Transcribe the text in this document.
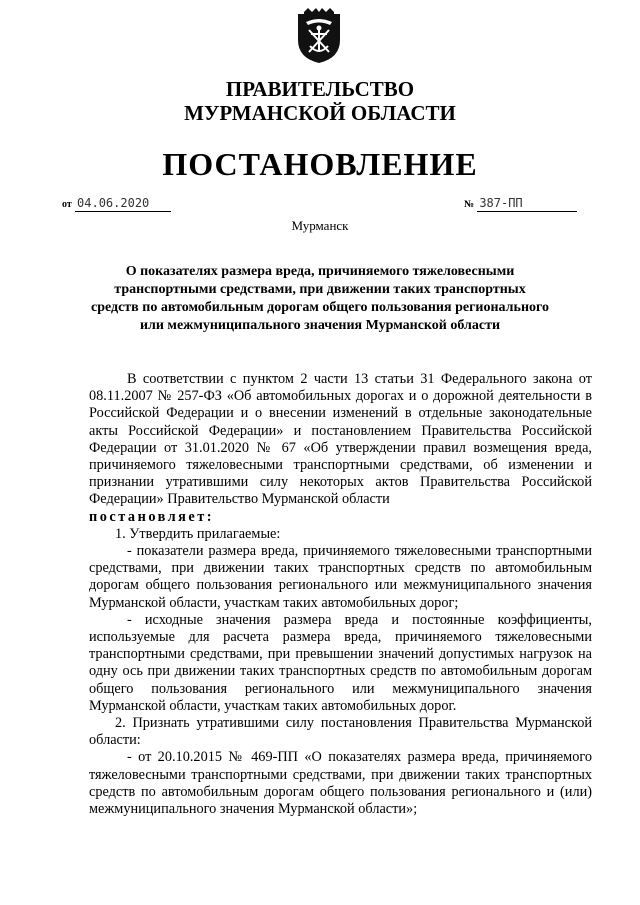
ПРАВИТЕЛЬСТВО
МУРМАНСКОЙ ОБЛАСТИ
ПОСТАНОВЛЕНИЕ
от 04.06.2020	№ 387-ПП
Мурманск
О показателях размера вреда, причиняемого тяжеловесными транспортными средствами, при движении таких транспортных средств по автомобильным дорогам общего пользования регионального или межмуниципального значения Мурманской области

В соответствии с пунктом 2 части 13 статьи 31 Федерального закона от 08.11.2007 № 257-ФЗ «Об автомобильных дорогах и о дорожной деятельности в Российской Федерации и о внесении изменений в отдельные законодательные акты Российской Федерации» и постановлением Правительства Российской Федерации от 31.01.2020 № 67 «Об утверждении правил возмещения вреда, причиняемого тяжеловесными транспортными средствами, об изменении и признании утратившими силу некоторых актов Правительства Российской Федерации» Правительство Мурманской области

постановляет:

1. Утвердить прилагаемые:

- показатели размера вреда, причиняемого тяжеловесными транспортными средствами, при движении таких транспортных средств по автомобильным дорогам общего пользования регионального или межмуниципального значения Мурманской области, участкам таких автомобильных дорог;

- исходные значения размера вреда и постоянные коэффициенты, используемые для расчета размера вреда, причиняемого тяжеловесными транспортными средствами, при превышении значений допустимых нагрузок на одну ось при движении таких транспортных средств по автомобильным дорогам общего пользования регионального или межмуниципального значения Мурманской области, участкам таких автомобильных дорог.

2. Признать утратившими силу постановления Правительства Мурманской области:

- от 20.10.2015 № 469-ПП «О показателях размера вреда, причиняемого тяжеловесными транспортными средствами, при движении таких транспортных средств по автомобильным дорогам общего пользования регионального и (или) межмуниципального значения Мурманской области»;
